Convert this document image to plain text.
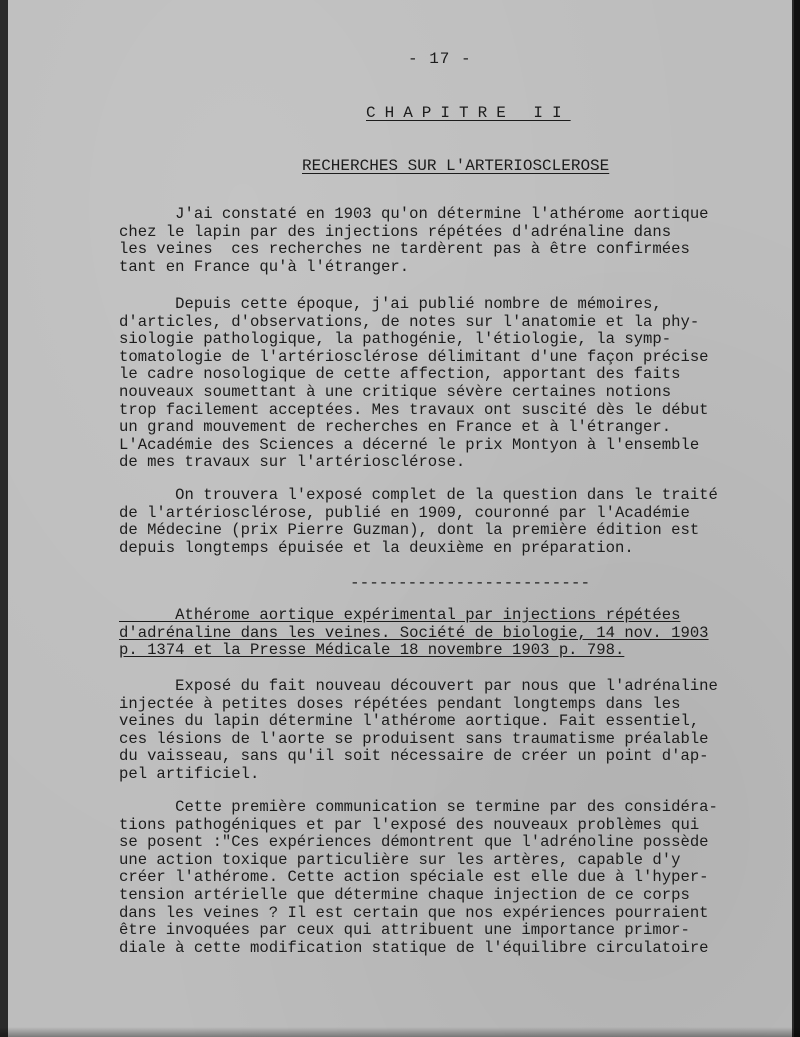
- 17 -
CHAPITRE II
RECHERCHES SUR L'ARTERIOSCLEROSE
J'ai constaté en 1903 qu'on détermine l'athérome aortique
chez le lapin par des injections répétées d'adrénaline dans
les veines  ces recherches ne tardèrent pas à être confirmées
tant en France qu'à l'étranger.
Depuis cette époque, j'ai publié nombre de mémoires,
d'articles, d'observations, de notes sur l'anatomie et la phy-
siologie pathologique, la pathogénie, l'étiologie, la symp-
tomatologie de l'artériosclérose délimitant d'une façon précise
le cadre nosologique de cette affection, apportant des faits
nouveaux soumettant à une critique sévère certaines notions
trop facilement acceptées. Mes travaux ont suscité dès le début
un grand mouvement de recherches en France et à l'étranger.
L'Académie des Sciences a décerné le prix Montyon à l'ensemble
de mes travaux sur l'artériosclérose.
On trouvera l'exposé complet de la question dans le traité
de l'artériosclérose, publié en 1909, couronné par l'Académie
de Médecine (prix Pierre Guzman), dont la première édition est
depuis longtemps épuisée et la deuxième en préparation.
-------------------------
Athérome aortique expérimental par injections répétées
d'adrénaline dans les veines. Société de biologie, 14 nov. 1903
p. 1374 et la Presse Médicale 18 novembre 1903 p. 798.
Exposé du fait nouveau découvert par nous que l'adrénaline
injectée à petites doses répétées pendant longtemps dans les
veines du lapin détermine l'athérome aortique. Fait essentiel,
ces lésions de l'aorte se produisent sans traumatisme préalable
du vaisseau, sans qu'il soit nécessaire de créer un point d'ap-
pel artificiel.
Cette première communication se termine par des considéra-
tions pathogéniques et par l'exposé des nouveaux problèmes qui
se posent :"Ces expériences démontrent que l'adrénoline possède
une action toxique particulière sur les artères, capable d'y
créer l'athérome. Cette action spéciale est elle due à l'hyper-
tension artérielle que détermine chaque injection de ce corps
dans les veines ? Il est certain que nos expériences pourraient
être invoquées par ceux qui attribuent une importance primor-
diale à cette modification statique de l'équilibre circulatoire
